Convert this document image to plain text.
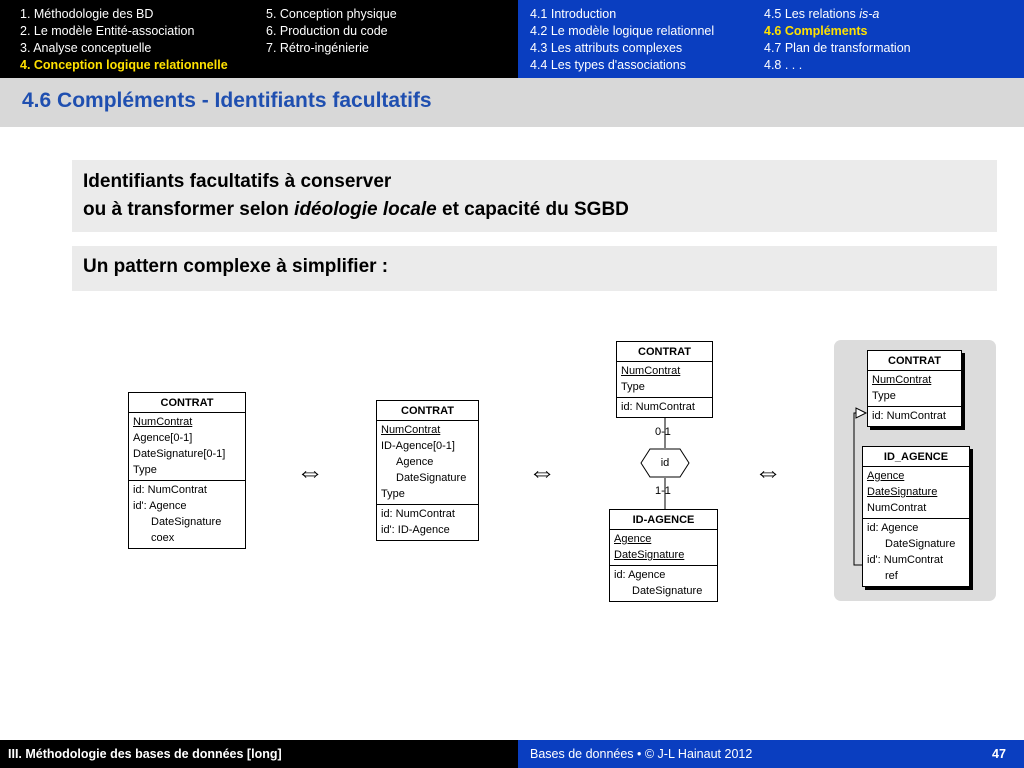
1. Méthodologie des BD
2. Le modèle Entité-association
3. Analyse conceptuelle
4. Conception logique relationnelle
5. Conception physique
6. Production du code
7. Rétro-ingénierie
4.1 Introduction
4.2 Le modèle logique relationnel
4.3 Les attributs complexes
4.4 Les types d'associations
4.5 Les relations is-a
4.6 Compléments
4.7 Plan de transformation
4.8 . . .
4.6 Compléments - Identifiants facultatifs
Identifiants facultatifs à conserver
ou à transformer selon idéologie locale et capacité du SGBD
Un pattern complexe à simplifier :
CONTRAT
NumContrat
Agence[0-1]
DateSignature[0-1]
Type
id: NumContrat
id': Agence
DateSignature
coex
⇔
CONTRAT
NumContrat
ID-Agence[0-1]
Agence
DateSignature
Type
id: NumContrat
id': ID-Agence
⇔
CONTRAT
NumContrat
Type
id: NumContrat
0-1
id
1-1
ID-AGENCE
Agence
DateSignature
id: Agence
DateSignature
⇔
CONTRAT
NumContrat
Type
id: NumContrat
ID_AGENCE
Agence
DateSignature
NumContrat
id: Agence
DateSignature
id': NumContrat
ref
III. Méthodologie des bases de données [long]	Bases de données • © J-L Hainaut 2012	47
